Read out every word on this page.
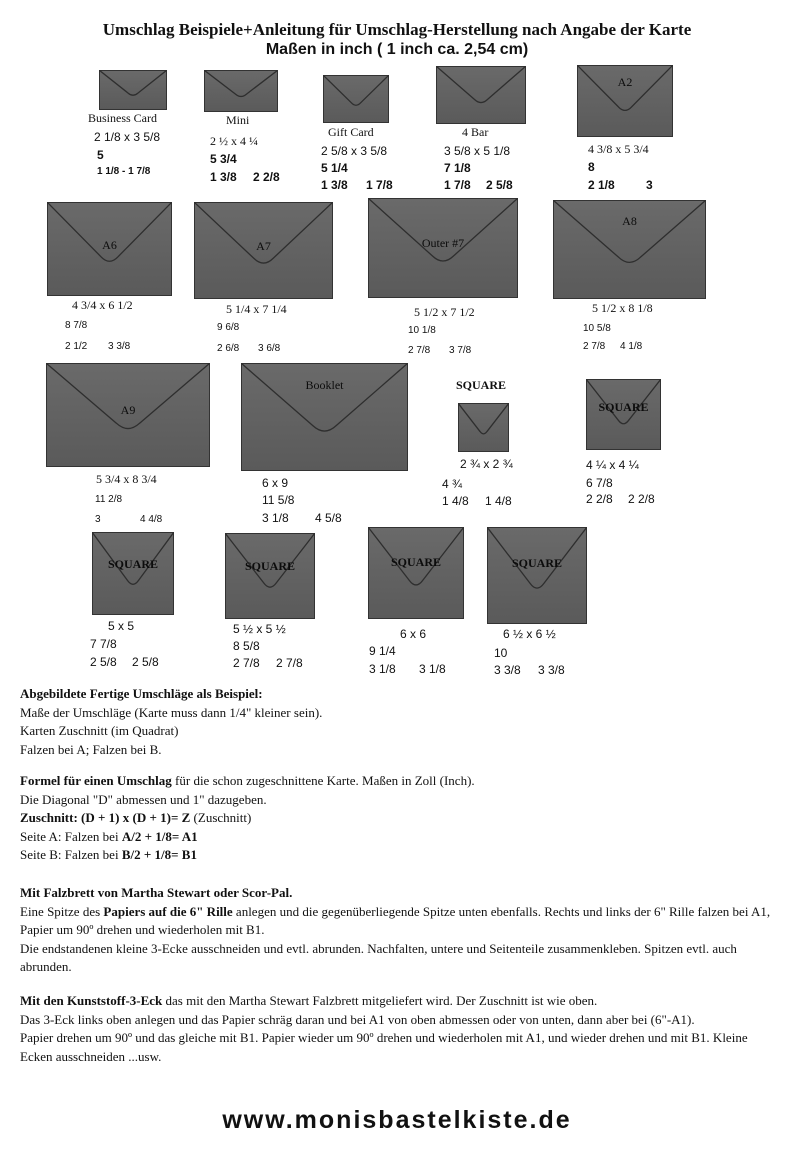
Umschlag Beispiele+Anleitung für Umschlag-Herstellung nach Angabe der Karte
Maßen in inch ( 1 inch ca. 2,54 cm)
Business Card
2 1/8 x 3 5/8
5
1 1/8 - 1 7/8
Mini
2 ½ x 4 ¼
5 3/4
1 3/8 2 2/8
Gift Card
2 5/8 x 3 5/8
5 1/4
1 3/8 1 7/8
4 Bar
3 5/8 x 5 1/8
7 1/8
1 7/8 2 5/8
A2
4 3/8 x 5 3/4
8
2 1/8	3
A6
4 3/4 x 6 1/2
8 7/8
2 1/2 3 3/8
A7
5 1/4 x 7 1/4
9 6/8
2 6/8 3 6/8
Outer #7
5 1/2 x 7 1/2
10 1/8
2 7/8 3 7/8
A8
5 1/2 x 8 1/8
10 5/8
2 7/8 4 1/8
A9
5 3/4 x 8 3/4
11 2/8
3	4 4/8
Booklet
6 x 9
11 5/8
3 1/8 4 5/8
SQUARE
2 ¾ x 2 ¾
4 ¾
1 4/8 1 4/8
SQUARE
4 ¼ x 4 ¼
6 7/8
2 2/8 2 2/8
SQUARE
5 x 5
7 7/8
2 5/8 2 5/8
SQUARE
5 ½ x 5 ½
8 5/8
2 7/8 2 7/8
SQUARE
6 x 6
9 1/4
3 1/8 3 1/8
SQUARE
6 ½ x 6 ½
10
3 3/8 3 3/8

Abgebildete Fertige Umschläge als Beispiel:

Maße der Umschläge (Karte muss dann 1/4" kleiner sein).

Karten Zuschnitt (im Quadrat)

Falzen bei A; Falzen bei B.

Formel für einen Umschlag für die schon zugeschnittene Karte. Maßen in Zoll (Inch).

Die Diagonal "D" abmessen und 1" dazugeben.

Zuschnitt: (D + 1) x (D + 1)= Z (Zuschnitt)

Seite A: Falzen bei A/2 + 1/8= A1

Seite B: Falzen bei B/2 + 1/8= B1

Mit Falzbrett von Martha Stewart oder Scor-Pal.

Eine Spitze des Papiers auf die 6" Rille anlegen und die gegenüberliegende Spitze unten ebenfalls. Rechts und links der 6" Rille falzen bei A1, Papier um 90º drehen und wiederholen mit B1.

Die endstandenen kleine 3-Ecke ausschneiden und evtl. abrunden. Nachfalten, untere und Seitenteile zusammenkleben. Spitzen evtl. auch abrunden.

Mit den Kunststoff-3-Eck das mit den Martha Stewart Falzbrett mitgeliefert wird. Der Zuschnitt ist wie oben.

Das 3-Eck links oben anlegen und das Papier schräg daran und bei A1 von oben abmessen oder von unten, dann aber bei (6"-A1).

Papier drehen um 90º und das gleiche mit B1. Papier wieder um 90º drehen und wiederholen mit A1, und wieder drehen und mit B1. Kleine Ecken ausschneiden ...usw.

www.monisbastelkiste.de
